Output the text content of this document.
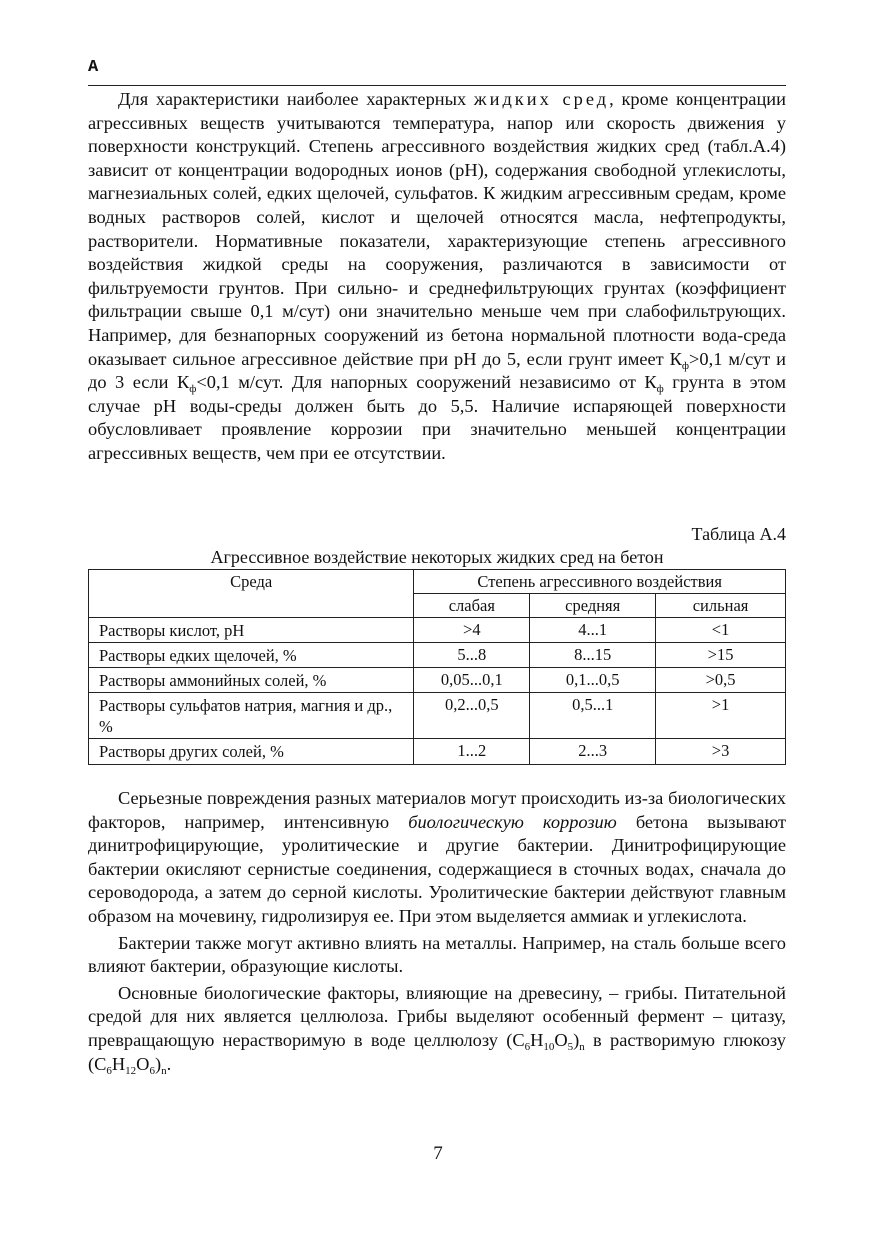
А

Для характеристики наиболее характерных жидких сред, кроме концентрации агрессивных веществ учитываются температура, напор или скорость движения у поверхности конструкций. Степень агрессивного воздействия жидких сред (табл.А.4) зависит от концентрации водородных ионов (pH), содержания свободной углекислоты, магнезиальных солей, едких щелочей, сульфатов. К жидким агрессивным средам, кроме водных растворов солей, кислот и щелочей относятся масла, нефтепродукты, растворители. Нормативные показатели, характеризующие степень агрессивного воздействия жидкой среды на сооружения, различаются в зависимости от фильтруемости грунтов. При сильно- и среднефильтрующих грунтах (коэффициент фильтрации свыше 0,1 м/сут) они значительно меньше чем при слабофильтрующих. Например, для безнапорных сооружений из бетона нормальной плотности вода-среда оказывает сильное агрессивное действие при pH до 5, если грунт имеет $К_ф>0,1$ м/сут и до 3 если $К_ф<0,1$ м/сут. Для напорных сооружений независимо от $К_ф$ грунта в этом случае pH воды-среды должен быть до 5,5. Наличие испаряющей поверхности обусловливает проявление коррозии при значительно меньшей концентрации агрессивных веществ, чем при ее отсутствии.

Таблица А.4
Агрессивное воздействие некоторых жидких сред на бетон
Среда	Степень агрессивного воздействия		
	слабая	средняя	сильная
Растворы кислот, pH	>4	4...1	<1
Растворы едких щелочей, %	5...8	8...15	>15
Растворы аммонийных солей, %	0,05...0,1	0,1...0,5	>0,5
Растворы сульфатов натрия, магния и др., %	0,2...0,5	0,5...1	>1
Растворы других солей, %	1...2	2...3	>3

Серьезные повреждения разных материалов могут происходить из-за биологических факторов, например, интенсивную биологическую коррозию бетона вызывают динитрофицирующие, уролитические и другие бактерии. Динитрофицирующие бактерии окисляют сернистые соединения, содержащиеся в сточных водах, сначала до сероводорода, а затем до серной кислоты. Уролитические бактерии действуют главным образом на мочевину, гидролизируя ее. При этом выделяется аммиак и углекислота.

Бактерии также могут активно влиять на металлы. Например, на сталь больше всего влияют бактерии, образующие кислоты.

Основные биологические факторы, влияющие на древесину, – грибы. Питательной средой для них является целлюлоза. Грибы выделяют особенный фермент – цитазу, превращающую нерастворимую в воде целлюлозу $(C_6H_{10}O_5)_n$ в растворимую глюкозу $(C_6H_{12}O_6)_n$.

7
